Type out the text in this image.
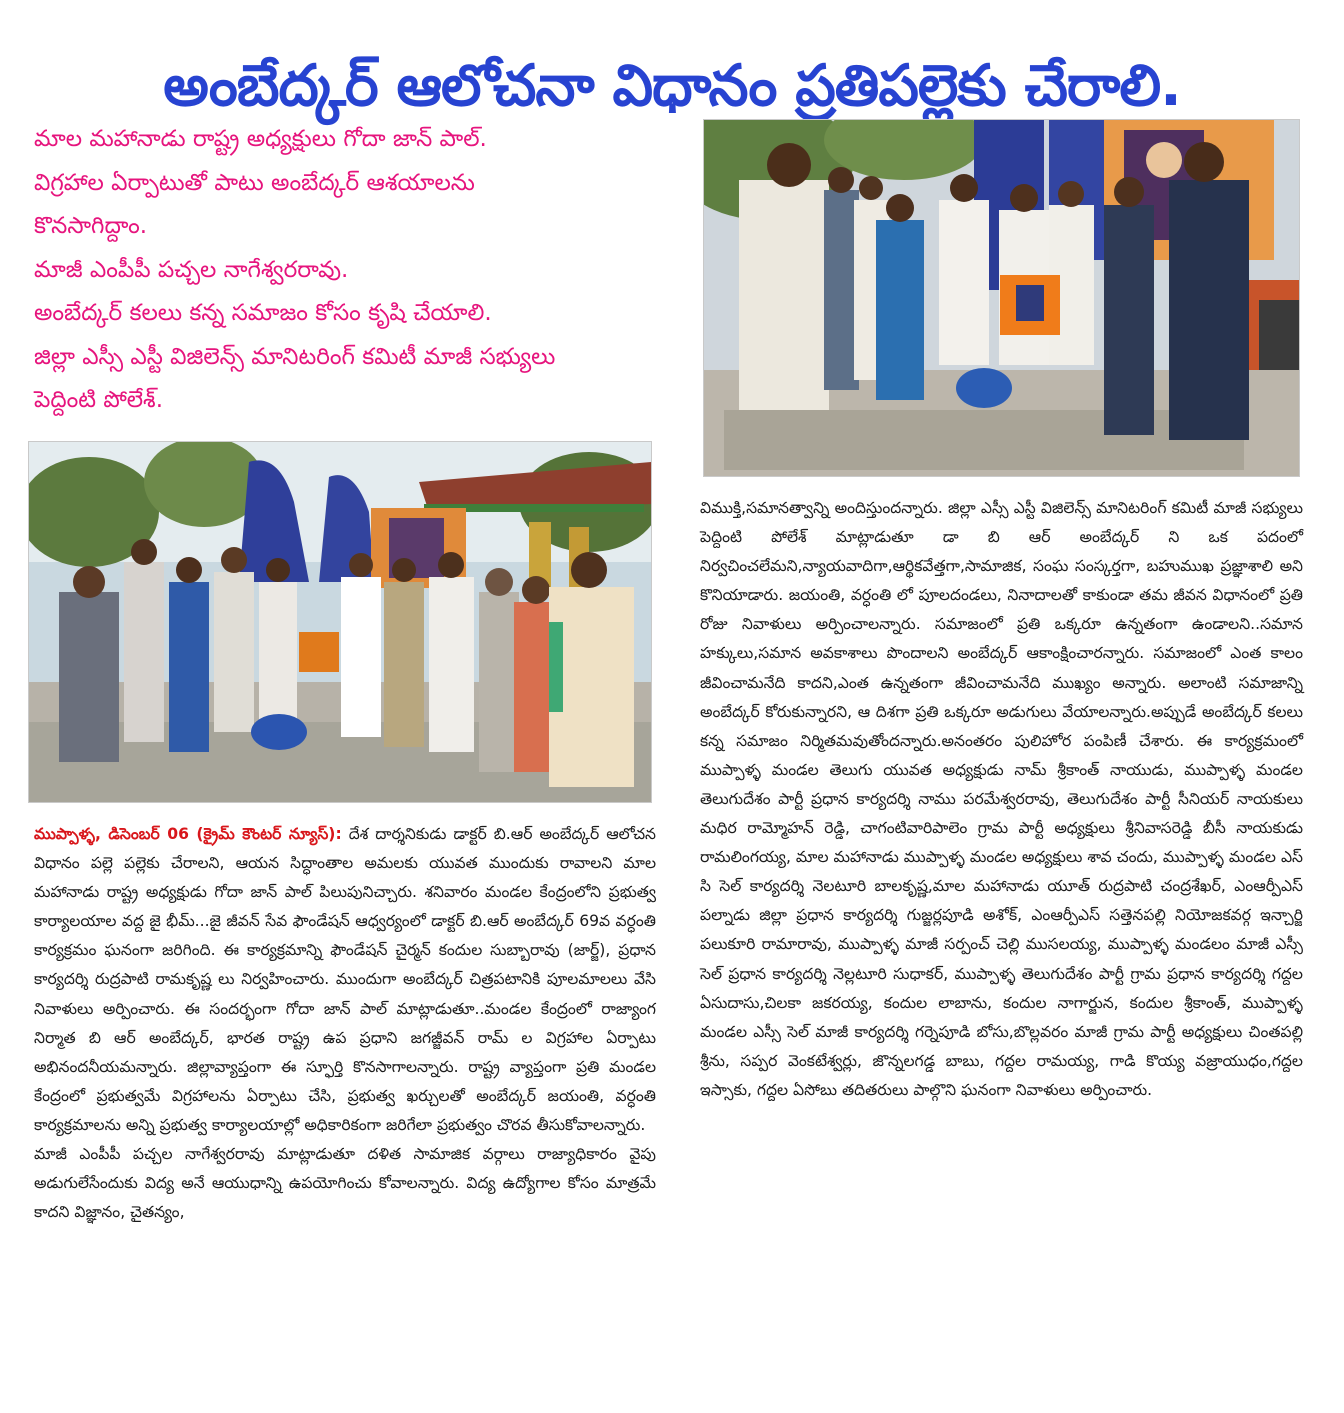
అంబేద్కర్ ఆలోచనా విధానం ప్రతిపల్లెకు చేరాలి.
మాల మహానాడు రాష్ట్ర అధ్యక్షులు గోదా జాన్ పాల్.
విగ్రహాల ఏర్పాటుతో పాటు అంబేద్కర్ ఆశయాలను
కొనసాగిద్దాం.
మాజీ ఎంపీపీ పచ్చల నాగేశ్వరరావు.
అంబేద్కర్ కలలు కన్న సమాజం కోసం కృషి చేయాలి.
జిల్లా ఎస్సీ ఎస్టీ విజిలెన్స్ మానిటరింగ్ కమిటీ మాజీ సభ్యులు
పెద్దింటి పోలేశ్.

ముప్పాళ్ళ, డిసెంబర్ 06 (క్రైమ్ కౌంటర్ న్యూస్): దేశ దార్శనికుడు డాక్టర్ బి.ఆర్ అంబేద్కర్ ఆలోచన విధానం పల్లె పల్లెకు చేరాలని, ఆయన సిద్ధాంతాల అమలకు యువత ముందుకు రావాలని మాల మహానాడు రాష్ట్ర అధ్యక్షుడు గోదా జాన్ పాల్ పిలుపునిచ్చారు. శనివారం మండల కేంద్రంలోని ప్రభుత్వ కార్యాలయాల వద్ద జై భీమ్...జై జీవన్ సేవ ఫౌండేషన్ ఆధ్వర్యంలో డాక్టర్ బి.ఆర్ అంబేద్కర్ 69వ వర్ధంతి కార్యక్రమం ఘనంగా జరిగింది. ఈ కార్యక్రమాన్ని ఫౌండేషన్ చైర్మన్ కందుల సుబ్బారావు (జార్జ్), ప్రధాన కార్యదర్శి రుద్రపాటి రామకృష్ణ లు నిర్వహించారు. ముందుగా అంబేద్కర్ చిత్రపటానికి పూలమాలలు వేసి నివాళులు అర్పించారు. ఈ సందర్భంగా గోదా జాన్ పాల్ మాట్లాడుతూ..మండల కేంద్రంలో రాజ్యాంగ నిర్మాత బి ఆర్ అంబేద్కర్, భారత రాష్ట్ర ఉప ప్రధాని జగజ్జీవన్ రామ్ ల విగ్రహాల ఏర్పాటు అభినందనీయమన్నారు. జిల్లావ్యాప్తంగా ఈ స్ఫూర్తి కొనసాగాలన్నారు. రాష్ట్ర వ్యాప్తంగా ప్రతి మండల కేంద్రంలో ప్రభుత్వమే విగ్రహాలను ఏర్పాటు చేసి, ప్రభుత్వ ఖర్చులతో అంబేద్కర్ జయంతి, వర్ధంతి కార్యక్రమాలను అన్ని ప్రభుత్వ కార్యాలయాల్లో అధికారికంగా జరిగేలా ప్రభుత్వం చొరవ తీసుకోవాలన్నారు.

మాజీ ఎంపీపీ పచ్చల నాగేశ్వరరావు మాట్లాడుతూ దళిత సామాజిక వర్గాలు రాజ్యాధికారం వైపు అడుగులేసేందుకు విద్య అనే ఆయుధాన్ని ఉపయోగించు కోవాలన్నారు. విద్య ఉద్యోగాల కోసం మాత్రమే కాదని విజ్ఞానం, చైతన్యం,

విముక్తి,సమానత్వాన్ని అందిస్తుందన్నారు. జిల్లా ఎస్సీ ఎస్టీ విజిలెన్స్ మానిటరింగ్ కమిటీ మాజీ సభ్యులు పెద్దింటి పోలేశ్ మాట్లాడుతూ డా బి ఆర్ అంబేద్కర్ ని ఒక పదంలో నిర్వచించలేమని,న్యాయవాదిగా,ఆర్థికవేత్తగా,సామాజిక, సంఘ సంస్కర్తగా, బహుముఖ ప్రజ్ఞాశాలి అని కొనియాడారు. జయంతి, వర్ధంతి లో పూలదండలు, నినాదాలతో కాకుండా తమ జీవన విధానంలో ప్రతి రోజు నివాళులు అర్పించాలన్నారు. సమాజంలో ప్రతి ఒక్కరూ ఉన్నతంగా ఉండాలని..సమాన హక్కులు,సమాన అవకాశాలు పొందాలని అంబేద్కర్ ఆకాంక్షించారన్నారు. సమాజంలో ఎంత కాలం జీవించామనేది కాదని,ఎంత ఉన్నతంగా జీవించామనేది ముఖ్యం అన్నారు. అలాంటి సమాజాన్ని అంబేద్కర్ కోరుకున్నారని, ఆ దిశగా ప్రతి ఒక్కరూ అడుగులు వేయాలన్నారు.అప్పుడే అంబేద్కర్ కలలు కన్న సమాజం నిర్మితమవుతోందన్నారు.అనంతరం పులిహోర పంపిణీ చేశారు. ఈ కార్యక్రమంలో ముప్పాళ్ళ మండల తెలుగు యువత అధ్యక్షుడు నామ్ శ్రీకాంత్ నాయుడు, ముప్పాళ్ళ మండల తెలుగుదేశం పార్టీ ప్రధాన కార్యదర్శి నాము పరమేశ్వరరావు, తెలుగుదేశం పార్టీ సీనియర్ నాయకులు మధిర రామ్మోహన్ రెడ్డి, చాగంటివారిపాలెం గ్రామ పార్టీ అధ్యక్షులు శ్రీనివాసరెడ్డి బీసీ నాయకుడు రామలింగయ్య, మాల మహానాడు ముప్పాళ్ళ మండల అధ్యక్షులు శావ చందు, ముప్పాళ్ళ మండల ఎస్ సి సెల్ కార్యదర్శి నెలటూరి బాలకృష్ణ,మాల మహానాడు యూత్ రుద్రపాటి చంద్రశేఖర్, ఎంఆర్పీఎస్ పల్నాడు జిల్లా ప్రధాన కార్యదర్శి గుజ్జర్లపూడి అశోక్, ఎంఆర్పీఎస్ సత్తెనపల్లి నియోజకవర్గ ఇన్చార్జి పలుకూరి రామారావు, ముప్పాళ్ళ మాజీ సర్పంచ్ చెల్లి ముసలయ్య, ముప్పాళ్ళ మండలం మాజీ ఎస్సీ సెల్ ప్రధాన కార్యదర్శి నెల్లటూరి సుధాకర్, ముప్పాళ్ళ తెలుగుదేశం పార్టీ గ్రామ ప్రధాన కార్యదర్శి గద్దల ఏసుదాసు,చిలకా జకరయ్య, కందుల లాబాను, కందుల నాగార్జున, కందుల శ్రీకాంత్, ముప్పాళ్ళ మండల ఎస్సీ సెల్ మాజీ కార్యదర్శి గర్నెపూడి బోసు,బొల్లవరం మాజీ గ్రామ పార్టీ అధ్యక్షులు చింతపల్లి శ్రీను, సప్పర వెంకటేశ్వర్లు, జొన్నలగడ్డ బాబు, గద్దల రామయ్య, గాడి కొయ్య వజ్రాయుధం,గద్దల ఇస్సాకు, గద్దల ఏసోబు తదితరులు పాల్గొని ఘనంగా నివాళులు అర్పించారు.
